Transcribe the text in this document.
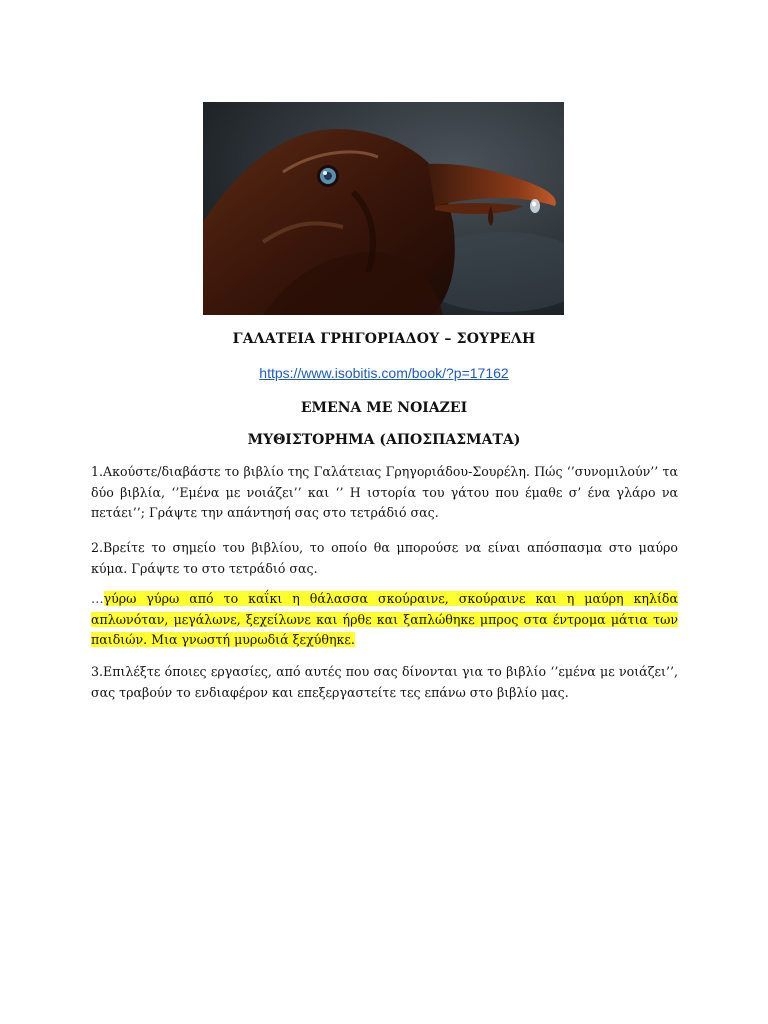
ΓΑΛΑΤΕΙΑ ΓΡΗΓΟΡΙΑΔΟΥ – ΣΟΥΡΕΛΗ
https://www.isobitis.com/book/?p=17162
ΕΜΕΝΑ ΜΕ ΝΟΙΑΖΕΙ
ΜΥΘΙΣΤΟΡΗΜΑ (ΑΠΟΣΠΑΣΜΑΤΑ)
1.Ακούστε/διαβάστε το βιβλίο της Γαλάτειας Γρηγοριάδου-Σουρέλη. Πώς ‘’συνομιλούν’’ τα δύο βιβλία, ‘’Εμένα με νοιάζει’’ και ‘’ Η ιστορία του γάτου που έμαθε σ’ ένα γλάρο να πετάει’’; Γράψτε την απάντησή σας στο τετράδιό σας.
2.Βρείτε το σημείο του βιβλίου, το οποίο θα μπορούσε να είναι απόσπασμα στο μαύρο κύμα. Γράψτε το στο τετράδιό σας.
…γύρω γύρω από το καΐκι η θάλασσα σκούραινε, σκούραινε και η μαύρη κηλίδα απλωνόταν, μεγάλωνε, ξεχείλωνε και ήρθε και ξαπλώθηκε μπρος στα έντρομα μάτια των παιδιών. Μια γνωστή μυρωδιά ξεχύθηκε.
3.Επιλέξτε όποιες εργασίες, από αυτές που σας δίνονται για το βιβλίο ‘’εμένα με νοιάζει’’, σας τραβούν το ενδιαφέρον και επεξεργαστείτε τες επάνω στο βιβλίο μας.
